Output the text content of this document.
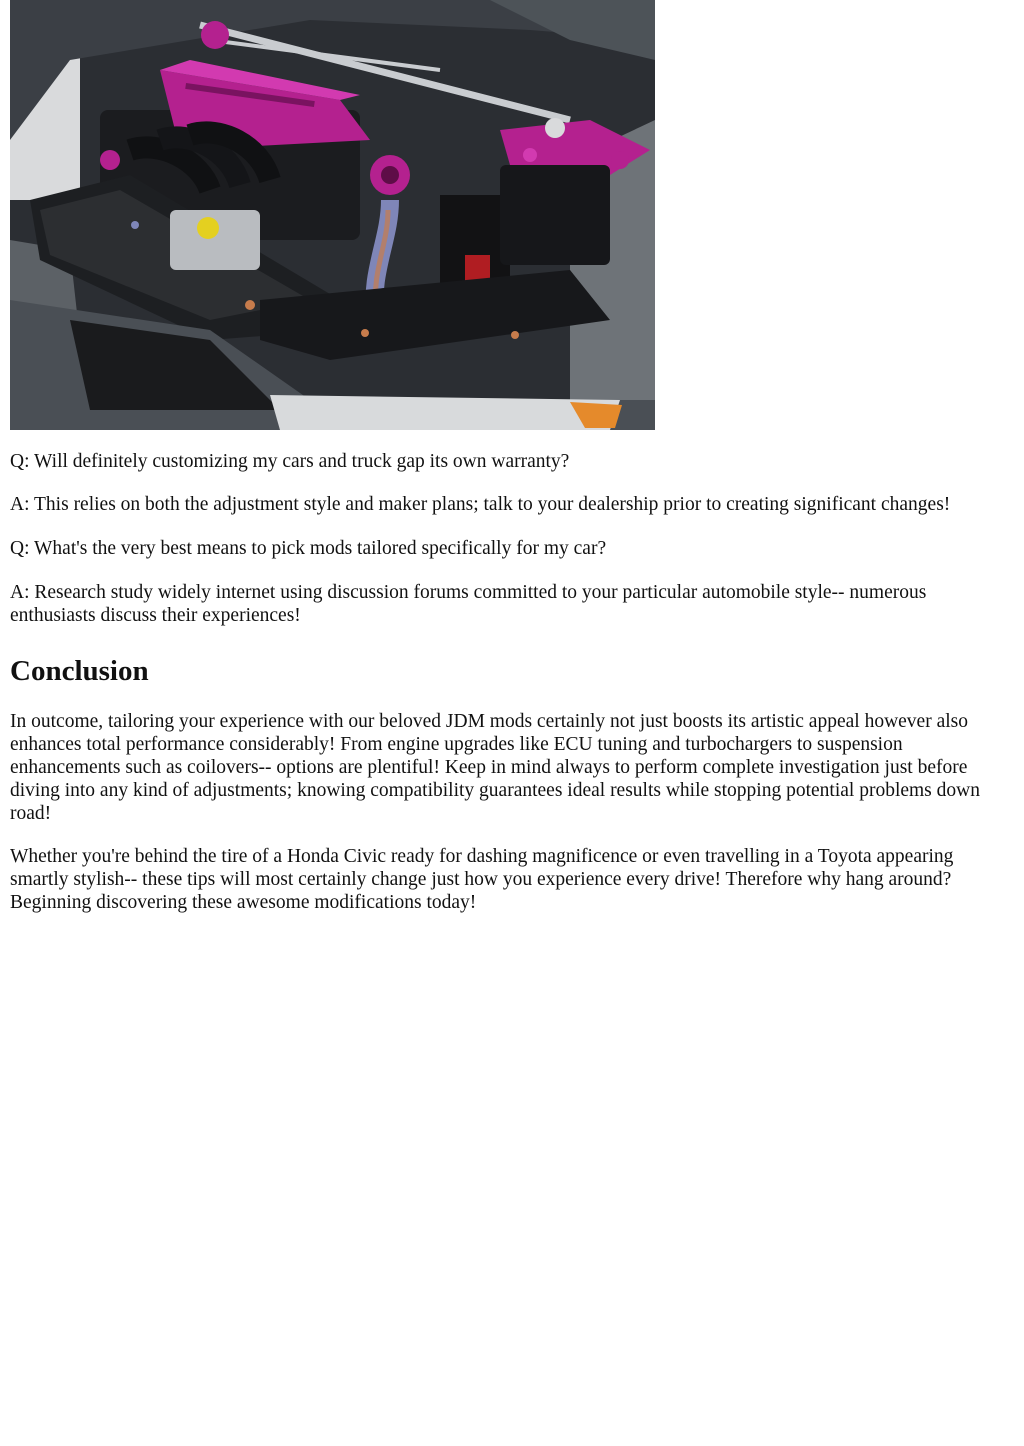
Q: Will definitely customizing my cars and truck gap its own warranty?

A: This relies on both the adjustment style and maker plans; talk to your dealership prior to creating significant changes!

Q: What's the very best means to pick mods tailored specifically for my car?

A: Research study widely internet using discussion forums committed to your particular automobile style-- numerous enthusiasts discuss their experiences!

Conclusion

In outcome, tailoring your experience with our beloved JDM mods certainly not just boosts its artistic appeal however also enhances total performance considerably! From engine upgrades like ECU tuning and turbochargers to suspension enhancements such as coilovers-- options are plentiful! Keep in mind always to perform complete investigation just before diving into any kind of adjustments; knowing compatibility guarantees ideal results while stopping potential problems down road!

Whether you're behind the tire of a Honda Civic ready for dashing magnificence or even travelling in a Toyota appearing smartly stylish-- these tips will most certainly change just how you experience every drive! Therefore why hang around? Beginning discovering these awesome modifications today!
